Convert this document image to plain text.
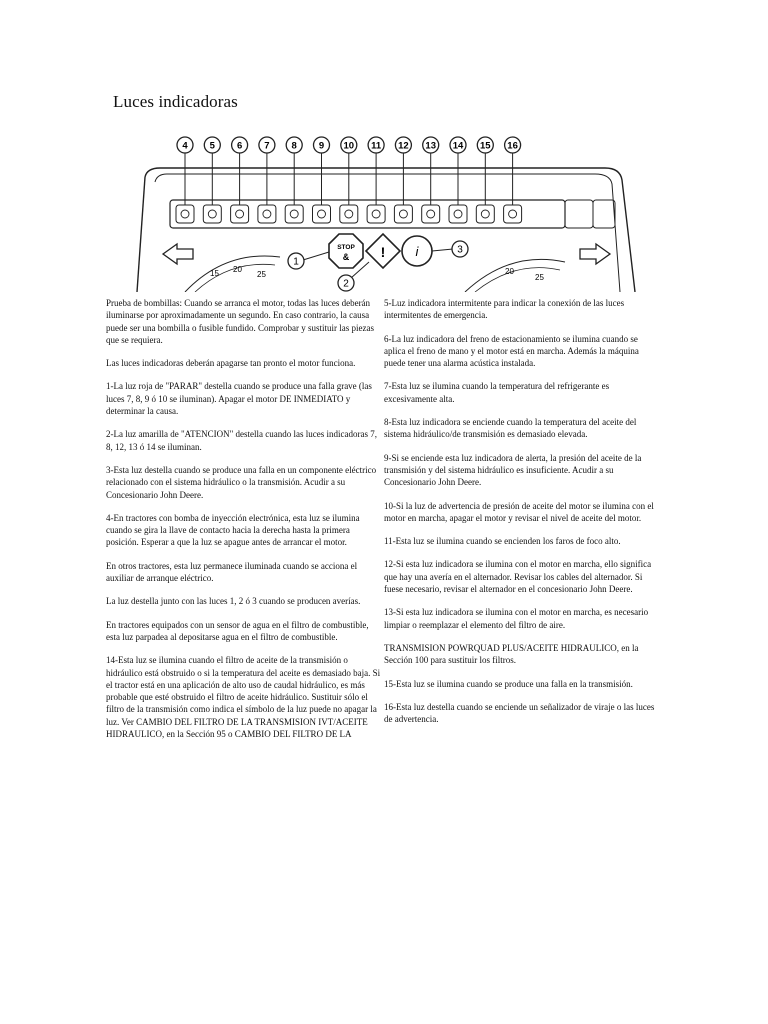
Luces indicadoras
4 5 6 7 8 9 10 11 12 13 14 15 16
STOP
& ! i
1
2
3
15 20
25	20
25

Prueba de bombillas: Cuando se arranca el motor, todas las luces deberán iluminarse por aproximadamente un segundo. En caso contrario, la causa puede ser una bombilla o fusible fundido. Comprobar y sustituir las piezas que se requiera.

Las luces indicadoras deberán apagarse tan pronto el motor funciona.

1-La luz roja de "PARAR" destella cuando se produce una falla grave (las luces 7, 8, 9 ó 10 se iluminan). Apagar el motor DE INMEDIATO y determinar la causa.

2-La luz amarilla de "ATENCION" destella cuando las luces indicadoras 7, 8, 12, 13 ó 14 se iluminan.

3-Esta luz destella cuando se produce una falla en un componente eléctrico relacionado con el sistema hidráulico o la transmisión. Acudir a su Concesionario John Deere.

4-En tractores con bomba de inyección electrónica, esta luz se ilumina cuando se gira la llave de contacto hacia la derecha hasta la primera posición. Esperar a que la luz se apague antes de arrancar el motor.

En otros tractores, esta luz permanece iluminada cuando se acciona el auxiliar de arranque eléctrico.

La luz destella junto con las luces 1, 2 ó 3 cuando se producen averías.

En tractores equipados con un sensor de agua en el filtro de combustible, esta luz parpadea al depositarse agua en el filtro de combustible.

14-Esta luz se ilumina cuando el filtro de aceite de la transmisión o hidráulico está obstruido o si la temperatura del aceite es demasiado baja. Si el tractor está en una aplicación de alto uso de caudal hidráulico, es más probable que esté obstruido el filtro de aceite hidráulico. Sustituir sólo el filtro de la transmisión como indica el símbolo de la luz puede no apagar la luz. Ver CAMBIO DEL FILTRO DE LA TRANSMISION IVT/ACEITE HIDRAULICO, en la Sección 95 o CAMBIO DEL FILTRO DE LA

5-Luz indicadora intermitente para indicar la conexión de las luces intermitentes de emergencia.

6-La luz indicadora del freno de estacionamiento se ilumina cuando se aplica el freno de mano y el motor está en marcha. Además la máquina puede tener una alarma acústica instalada.

7-Esta luz se ilumina cuando la temperatura del refrigerante es excesivamente alta.

8-Esta luz indicadora se enciende cuando la temperatura del aceite del sistema hidráulico/de transmisión es demasiado elevada.

9-Si se enciende esta luz indicadora de alerta, la presión del aceite de la transmisión y del sistema hidráulico es insuficiente. Acudir a su Concesionario John Deere.

10-Si la luz de advertencia de presión de aceite del motor se ilumina con el motor en marcha, apagar el motor y revisar el nivel de aceite del motor.

11-Esta luz se ilumina cuando se encienden los faros de foco alto.

12-Si esta luz indicadora se ilumina con el motor en marcha, ello significa que hay una avería en el alternador. Revisar los cables del alternador. Si fuese necesario, revisar el alternador en el concesionario John Deere.

13-Si esta luz indicadora se ilumina con el motor en marcha, es necesario limpiar o reemplazar el elemento del filtro de aire.

TRANSMISION POWRQUAD PLUS/ACEITE HIDRAULICO, en la Sección 100 para sustituir los filtros.

15-Esta luz se ilumina cuando se produce una falla en la transmisión.

16-Esta luz destella cuando se enciende un señalizador de viraje o las luces de advertencia.
